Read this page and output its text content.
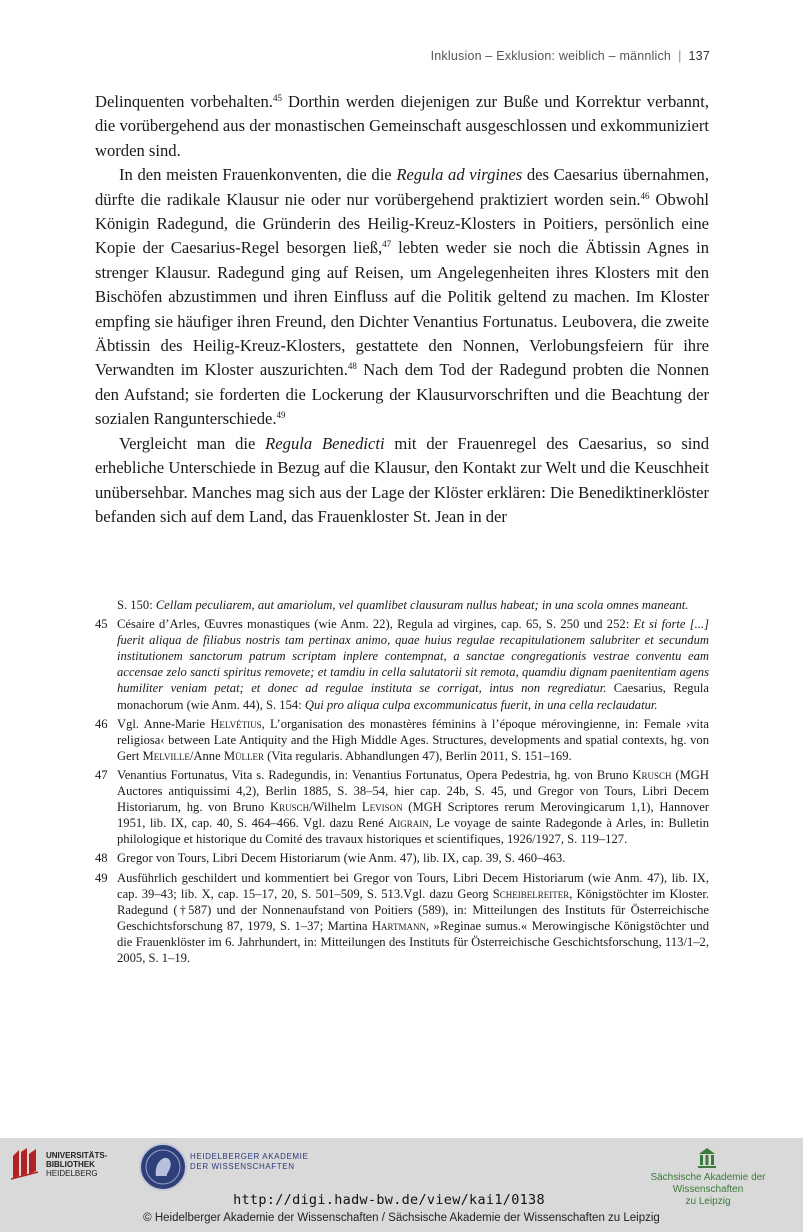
Inklusion – Exklusion: weiblich – männlich | 137

Delinquenten vorbehalten.$^{45}$ Dorthin werden diejenigen zur Buße und Korrektur verbannt, die vorübergehend aus der monastischen Gemeinschaft ausgeschlossen und exkommuniziert worden sind.

In den meisten Frauenkonventen, die die Regula ad virgines des Caesarius übernahmen, dürfte die radikale Klausur nie oder nur vorübergehend praktiziert worden sein.$^{46}$ Obwohl Königin Radegund, die Gründerin des Heilig-Kreuz-Klosters in Poitiers, persönlich eine Kopie der Caesarius-Regel besorgen ließ,$^{47}$ lebten weder sie noch die Äbtissin Agnes in strenger Klausur. Radegund ging auf Reisen, um Angelegenheiten ihres Klosters mit den Bischöfen abzustimmen und ihren Einfluss auf die Politik geltend zu machen. Im Kloster empfing sie häufiger ihren Freund, den Dichter Venantius Fortunatus. Leubovera, die zweite Äbtissin des Heilig-Kreuz-Klosters, gestattete den Nonnen, Verlobungsfeiern für ihre Verwandten im Kloster auszurichten.$^{48}$ Nach dem Tod der Radegund probten die Nonnen den Aufstand; sie forderten die Lockerung der Klausurvorschriften und die Beachtung der sozialen Rangunterschiede.$^{49}$

Vergleicht man die Regula Benedicti mit der Frauenregel des Caesarius, so sind erhebliche Unterschiede in Bezug auf die Klausur, den Kontakt zur Welt und die Keuschheit unübersehbar. Manches mag sich aus der Lage der Klöster erklären: Die Benediktinerklöster befanden sich auf dem Land, das Frauenkloster St. Jean in der

S. 150: Cellam peculiarem, aut amariolum, vel quamlibet clausuram nullus habeat; in una scola omnes maneant.
45 Césaire d’Arles, Œuvres monastiques (wie Anm. 22), Regula ad virgines, cap. 65, S. 250 und 252: Et si forte [...] fuerit aliqua de filiabus nostris tam pertinax animo, quae huius regulae recapitulationem salubriter et secundum institutionem sanctorum patrum scriptam inplere contempnat, a sanctae congregationis vestrae conventu eam accensae zelo sancti spiritus removete; et tamdiu in cella salutatorii sit remota, quamdiu dignam paenitentiam agens humiliter veniam petat; et donec ad regulae instituta se corrigat, intus non regrediatur. Caesarius, Regula monachorum (wie Anm. 44), S. 154: Qui pro aliqua culpa excommunicatus fuerit, in una cella reclaudatur.
46 Vgl. Anne-Marie Helvétius, L’organisation des monastères féminins à l’époque mérovingienne, in: Female ›vita religiosa‹ between Late Antiquity and the High Middle Ages. Structures, developments and spatial contexts, hg. von Gert Melville/Anne Müller (Vita regularis. Abhandlungen 47), Berlin 2011, S. 151–169.
47 Venantius Fortunatus, Vita s. Radegundis, in: Venantius Fortunatus, Opera Pedestria, hg. von Bruno Krusch (MGH Auctores antiquissimi 4,2), Berlin 1885, S. 38–54, hier cap. 24b, S. 45, und Gregor von Tours, Libri Decem Historiarum, hg. von Bruno Krusch/Wilhelm Levison (MGH Scriptores rerum Merovingicarum 1,1), Hannover 1951, lib. IX, cap. 40, S. 464–466. Vgl. dazu René Aigrain, Le voyage de sainte Radegonde à Arles, in: Bulletin philologique et historique du Comité des travaux historiques et scientifiques, 1926/1927, S. 119–127.
48 Gregor von Tours, Libri Decem Historiarum (wie Anm. 47), lib. IX, cap. 39, S. 460–463.
49 Ausführlich geschildert und kommentiert bei Gregor von Tours, Libri Decem Historiarum (wie Anm. 47), lib. IX, cap. 39–43; lib. X, cap. 15–17, 20, S. 501–509, S. 513.Vgl. dazu Georg Scheibelreiter, Königstöchter im Kloster. Radegund (†587) und der Nonnenaufstand von Poitiers (589), in: Mitteilungen des Instituts für Österreichische Geschichtsforschung 87, 1979, S. 1–37; Martina Hartmann, »Reginae sumus.« Merowingische Königstöchter und die Frauenklöster im 6. Jahrhundert, in: Mitteilungen des Instituts für Österreichische Geschichtsforschung, 113/1–2, 2005, S. 1–19.
UNIVERSITÄTS-
BIBLIOTHEK
HEIDELBERG
HEIDELBERGER AKADEMIE
DER WISSENSCHAFTEN
Sächsische Akademie der Wissenschaften
zu Leipzig
http://digi.hadw-bw.de/view/kai1/0138
© Heidelberger Akademie der Wissenschaften / Sächsische Akademie der Wissenschaften zu Leipzig
